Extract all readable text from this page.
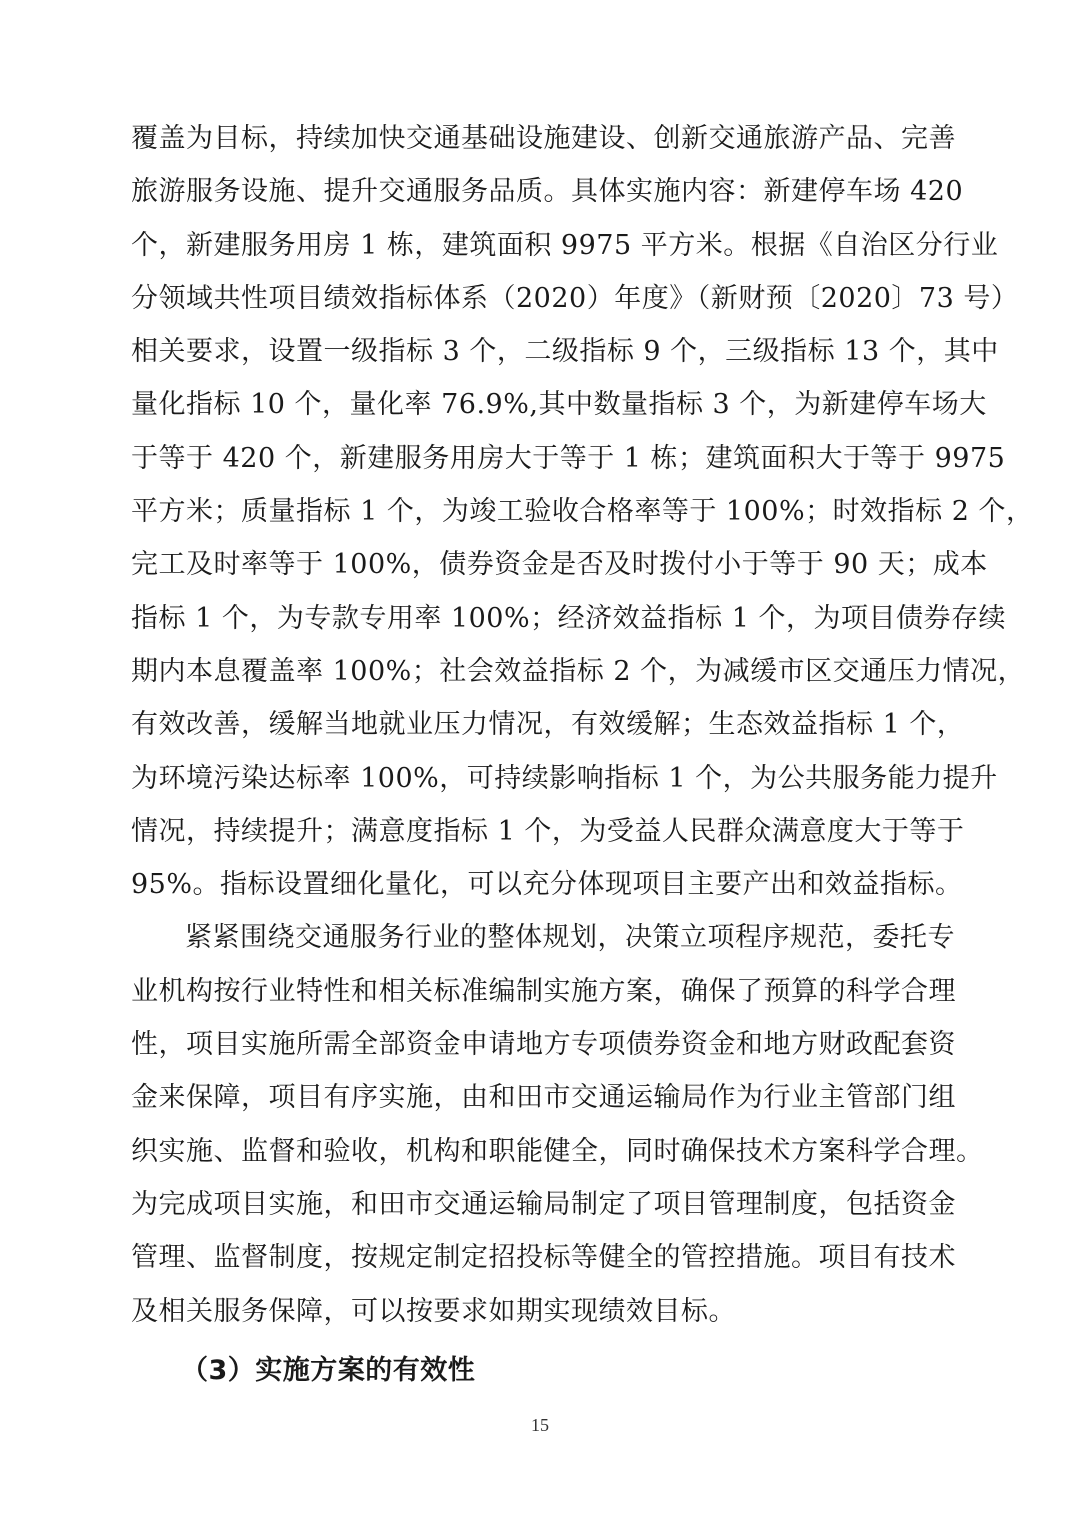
覆盖为目标，持续加快交通基础设施建设、创新交通旅游产品、完善
旅游服务设施、提升交通服务品质。具体实施内容：新建停车场 420
个，新建服务用房 1 栋，建筑面积 9975 平方米。根据《自治区分行业
分领域共性项目绩效指标体系（2020）年度》（新财预〔2020〕73 号）
相关要求，设置一级指标 3 个，二级指标 9 个，三级指标 13 个，其中
量化指标 10 个，量化率 76.9%,其中数量指标 3 个，为新建停车场大
于等于 420 个，新建服务用房大于等于 1 栋；建筑面积大于等于 9975
平方米；质量指标 1 个，为竣工验收合格率等于 100%；时效指标 2 个，
完工及时率等于 100%，债券资金是否及时拨付小于等于 90 天；成本
指标 1 个，为专款专用率 100%；经济效益指标 1 个，为项目债券存续
期内本息覆盖率 100%；社会效益指标 2 个，为减缓市区交通压力情况，
有效改善，缓解当地就业压力情况，有效缓解；生态效益指标 1 个，
为环境污染达标率 100%，可持续影响指标 1 个，为公共服务能力提升
情况，持续提升；满意度指标 1 个，为受益人民群众满意度大于等于
95%。指标设置细化量化，可以充分体现项目主要产出和效益指标。
紧紧围绕交通服务行业的整体规划，决策立项程序规范，委托专
业机构按行业特性和相关标准编制实施方案，确保了预算的科学合理
性，项目实施所需全部资金申请地方专项债券资金和地方财政配套资
金来保障，项目有序实施，由和田市交通运输局作为行业主管部门组
织实施、监督和验收，机构和职能健全，同时确保技术方案科学合理。
为完成项目实施，和田市交通运输局制定了项目管理制度，包括资金
管理、监督制度，按规定制定招投标等健全的管控措施。项目有技术
及相关服务保障，可以按要求如期实现绩效目标。
（3）实施方案的有效性
15
